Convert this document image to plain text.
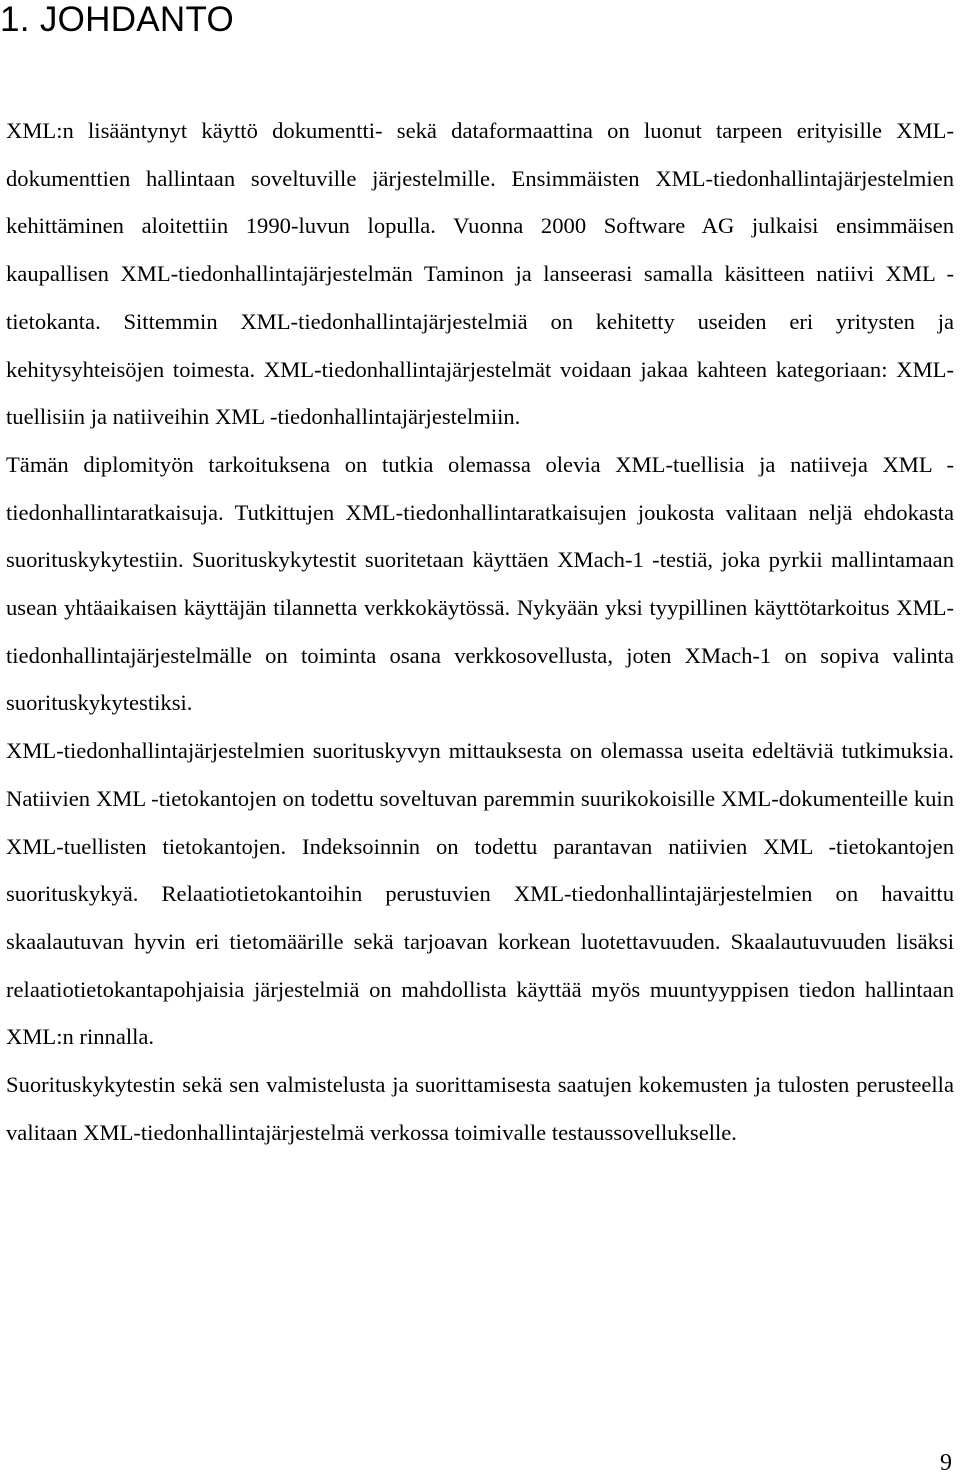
1. JOHDANTO

XML:n lisääntynyt käyttö dokumentti- sekä dataformaattina on luonut tarpeen erityisille XML-dokumenttien hallintaan soveltuville järjestelmille. Ensimmäisten XML-tiedonhallintajärjestelmien kehittäminen aloitettiin 1990-luvun lopulla. Vuonna 2000 Software AG julkaisi ensimmäisen kaupallisen XML-tiedonhallintajärjestelmän Taminon ja lanseerasi samalla käsitteen natiivi XML -tietokanta. Sittemmin XML-tiedonhallintajärjestelmiä on kehitetty useiden eri yritysten ja kehitysyhteisöjen toimesta. XML-tiedonhallintajärjestelmät voidaan jakaa kahteen kategoriaan: XML-tuellisiin ja natiiveihin XML -tiedonhallintajärjestelmiin.

Tämän diplomityön tarkoituksena on tutkia olemassa olevia XML-tuellisia ja natiiveja XML -tiedonhallintaratkaisuja. Tutkittujen XML-tiedonhallintaratkaisujen joukosta valitaan neljä ehdokasta suorituskykytestiin. Suorituskykytestit suoritetaan käyttäen XMach-1 -testiä, joka pyrkii mallintamaan usean yhtäaikaisen käyttäjän tilannetta verkkokäytössä. Nykyään yksi tyypillinen käyttötarkoitus XML-tiedonhallintajärjestelmälle on toiminta osana verkkosovellusta, joten XMach-1 on sopiva valinta suorituskykytestiksi.

XML-tiedonhallintajärjestelmien suorituskyvyn mittauksesta on olemassa useita edeltäviä tutkimuksia. Natiivien XML -tietokantojen on todettu soveltuvan paremmin suurikokoisille XML-dokumenteille kuin XML-tuellisten tietokantojen. Indeksoinnin on todettu parantavan natiivien XML -tietokantojen suorituskykyä. Relaatiotietokantoihin perustuvien XML-tiedonhallintajärjestelmien on havaittu skaalautuvan hyvin eri tietomäärille sekä tarjoavan korkean luotettavuuden. Skaalautuvuuden lisäksi relaatiotietokantapohjaisia järjestelmiä on mahdollista käyttää myös muuntyyppisen tiedon hallintaan XML:n rinnalla.

Suorituskykytestin sekä sen valmistelusta ja suorittamisesta saatujen kokemusten ja tulosten perusteella valitaan XML-tiedonhallintajärjestelmä verkossa toimivalle testaussovellukselle.

9
